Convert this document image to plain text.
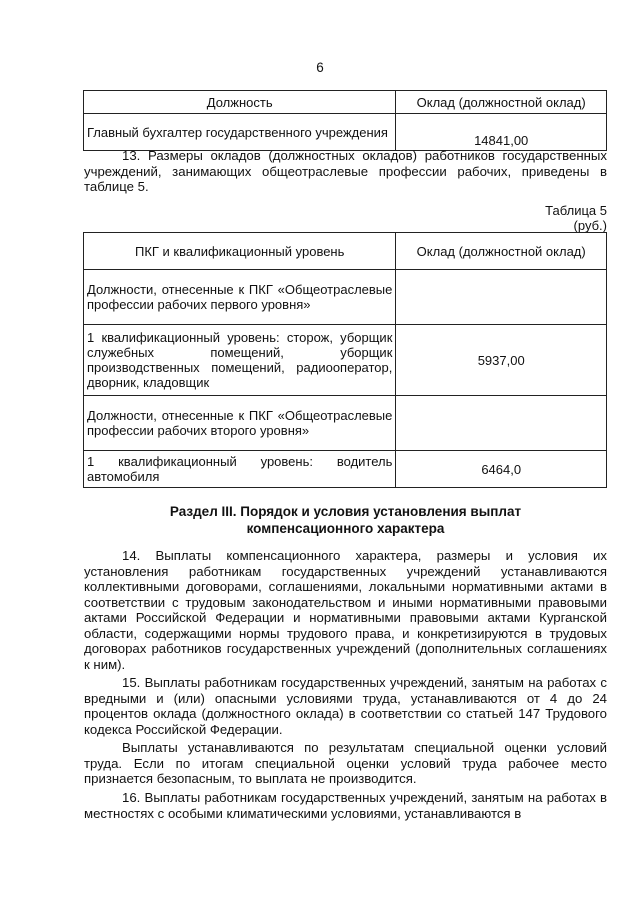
6
Должность	Оклад (должностной оклад)
Главный бухгалтер государственного учреждения	14841,00

13. Размеры окладов (должностных окладов) работников государственных учреждений, занимающих общеотраслевые профессии рабочих, приведены в таблице 5.

Таблица 5
(руб.)
ПКГ и квалификационный уровень	Оклад (должностной оклад)
Должности, отнесенные к ПКГ «Общеотраслевые профессии рабочих первого уровня»	
1 квалификационный уровень: сторож, уборщик служебных помещений, уборщик производственных помещений, радиооператор, дворник, кладовщик	5937,00
Должности, отнесенные к ПКГ «Общеотраслевые профессии рабочих второго уровня»	
1 квалификационный уровень: водитель автомобиля	6464,0
Раздел III. Порядок и условия установления выплат
компенсационного характера

14. Выплаты компенсационного характера, размеры и условия их установления работникам государственных учреждений устанавливаются коллективными договорами, соглашениями, локальными нормативными актами в соответствии с трудовым законодательством и иными нормативными правовыми актами Российской Федерации и нормативными правовыми актами Курганской области, содержащими нормы трудового права, и конкретизируются в трудовых договорах работников государственных учреждений (дополнительных соглашениях к ним).

15. Выплаты работникам государственных учреждений, занятым на работах с вредными и (или) опасными условиями труда, устанавливаются от 4 до 24 процентов оклада (должностного оклада) в соответствии со статьей 147 Трудового кодекса Российской Федерации.

Выплаты устанавливаются по результатам специальной оценки условий труда. Если по итогам специальной оценки условий труда рабочее место признается безопасным, то выплата не производится.

16. Выплаты работникам государственных учреждений, занятым на работах в местностях с особыми климатическими условиями, устанавливаются в
